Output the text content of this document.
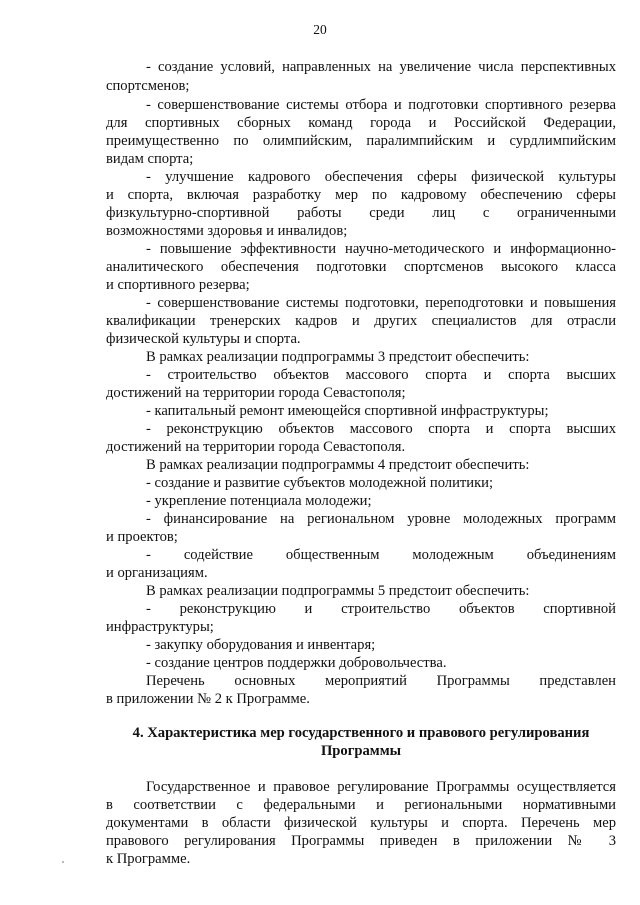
20
- создание условий, направленных на увеличение числа перспективных
спортсменов;
- совершенствование системы отбора и подготовки спортивного резерва
для спортивных сборных команд города и Российской Федерации,
преимущественно по олимпийским, паралимпийским и сурдлимпийским
видам спорта;
- улучшение кадрового обеспечения сферы физической культуры
и спорта, включая разработку мер по кадровому обеспечению сферы
физкультурно-спортивной работы среди лиц с ограниченными
возможностями здоровья и инвалидов;
- повышение эффективности научно-методического и информационно-
аналитического обеспечения подготовки спортсменов высокого класса
и спортивного резерва;
- совершенствование системы подготовки, переподготовки и повышения
квалификации тренерских кадров и других специалистов для отрасли
физической культуры и спорта.
В рамках реализации подпрограммы 3 предстоит обеспечить:
- строительство объектов массового спорта и спорта высших
достижений на территории города Севастополя;
- капитальный ремонт имеющейся спортивной инфраструктуры;
- реконструкцию объектов массового спорта и спорта высших
достижений на территории города Севастополя.
В рамках реализации подпрограммы 4 предстоит обеспечить:
- создание и развитие субъектов молодежной политики;
- укрепление потенциала молодежи;
- финансирование на региональном уровне молодежных программ
и проектов;
- содействие общественным молодежным объединениям
и организациям.
В рамках реализации подпрограммы 5 предстоит обеспечить:
- реконструкцию и строительство объектов спортивной
инфраструктуры;
- закупку оборудования и инвентаря;
- создание центров поддержки добровольчества.
Перечень основных мероприятий Программы представлен
в приложении № 2 к Программе.
4. Характеристика мер государственного и правового регулирования
Программы
Государственное и правовое регулирование Программы осуществляется
в соответствии с федеральными и региональными нормативными
документами в области физической культуры и спорта. Перечень мер
правового регулирования Программы приведен в приложении № 3
к Программе.
